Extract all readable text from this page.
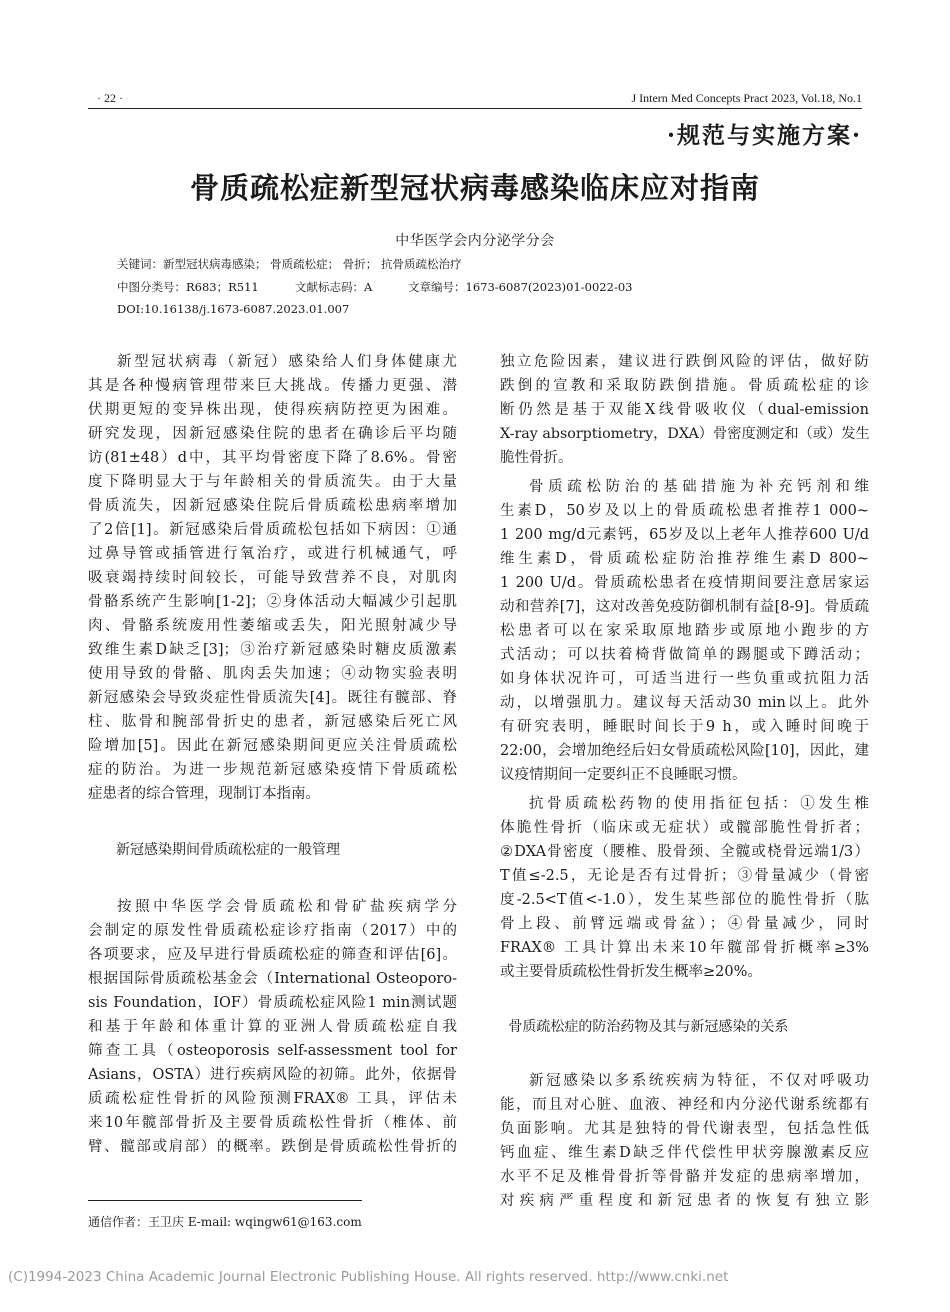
· 22 ·	J Intern Med Concepts Pract 2023, Vol.18, No.1
·规范与实施方案·
骨质疏松症新型冠状病毒感染临床应对指南
中华医学会内分泌学分会
关键词：新型冠状病毒感染； 骨质疏松症； 骨折； 抗骨质疏松治疗
中图分类号：R683；R511	文献标志码：A	文章编号：1673-6087(2023)01-0022-03
DOI:10.16138/j.1673-6087.2023.01.007
新型冠状病毒（新冠）感染给人们身体健康尤
其是各种慢病管理带来巨大挑战。传播力更强、潜
伏期更短的变异株出现，使得疾病防控更为困难。
研究发现，因新冠感染住院的患者在确诊后平均随
访(81±48）d中，其平均骨密度下降了8.6%。骨密
度下降明显大于与年龄相关的骨质流失。由于大量
骨质流失，因新冠感染住院后骨质疏松患病率增加
了2倍[1]。新冠感染后骨质疏松包括如下病因：①通
过鼻导管或插管进行氧治疗，或进行机械通气，呼
吸衰竭持续时间较长，可能导致营养不良，对肌肉
骨骼系统产生影响[1-2]；②身体活动大幅减少引起肌
肉、骨骼系统废用性萎缩或丢失，阳光照射减少导
致维生素D缺乏[3]；③治疗新冠感染时糖皮质激素
使用导致的骨骼、肌肉丢失加速；④动物实验表明
新冠感染会导致炎症性骨质流失[4]。既往有髋部、脊
柱、肱骨和腕部骨折史的患者，新冠感染后死亡风
险增加[5]。因此在新冠感染期间更应关注骨质疏松
症的防治。为进一步规范新冠感染疫情下骨质疏松
症患者的综合管理，现制订本指南。
新冠感染期间骨质疏松症的一般管理
按照中华医学会骨质疏松和骨矿盐疾病学分
会制定的原发性骨质疏松症诊疗指南（2017）中的
各项要求，应及早进行骨质疏松症的筛查和评估[6]。
根据国际骨质疏松基金会（International Osteoporo-
sis Foundation，IOF）骨质疏松症风险1 min测试题
和基于年龄和体重计算的亚洲人骨质疏松症自我
筛查工具（osteoporosis self-assessment tool for
Asians，OSTA）进行疾病风险的初筛。此外，依据骨
质疏松症性骨折的风险预测FRAX® 工具，评估未
来10年髋部骨折及主要骨质疏松性骨折（椎体、前
臂、髋部或肩部）的概率。跌倒是骨质疏松性骨折的
独立危险因素，建议进行跌倒风险的评估，做好防
跌倒的宣教和采取防跌倒措施。骨质疏松症的诊
断仍然是基于双能X线骨吸收仪（dual-emission
X-ray absorptiometry，DXA）骨密度测定和（或）发生
脆性骨折。
骨质疏松防治的基础措施为补充钙剂和维
生素D，50岁及以上的骨质疏松患者推荐1 000~
1 200 mg/d元素钙，65岁及以上老年人推荐600 U/d
维生素D，骨质疏松症防治推荐维生素D 800~
1 200 U/d。骨质疏松患者在疫情期间要注意居家运
动和营养[7]，这对改善免疫防御机制有益[8-9]。骨质疏
松患者可以在家采取原地踏步或原地小跑步的方
式活动；可以扶着椅背做简单的踢腿或下蹲活动；
如身体状况许可，可适当进行一些负重或抗阻力活
动，以增强肌力。建议每天活动30 min以上。此外
有研究表明，睡眠时间长于9 h，或入睡时间晚于
22:00，会增加绝经后妇女骨质疏松风险[10]，因此，建
议疫情期间一定要纠正不良睡眠习惯。
抗骨质疏松药物的使用指征包括：①发生椎
体脆性骨折（临床或无症状）或髋部脆性骨折者；
②DXA骨密度（腰椎、股骨颈、全髋或桡骨远端1/3）
T值≤-2.5，无论是否有过骨折；③骨量减少（骨密
度-2.5<T值<-1.0），发生某些部位的脆性骨折（肱
骨上段、前臂远端或骨盆）；④骨量减少，同时
FRAX® 工具计算出未来10年髋部骨折概率≥3%
或主要骨质疏松性骨折发生概率≥20%。
骨质疏松症的防治药物及其与新冠感染的关系
新冠感染以多系统疾病为特征，不仅对呼吸功
能，而且对心脏、血液、神经和内分泌代谢系统都有
负面影响。尤其是独特的骨代谢表型，包括急性低
钙血症、维生素D缺乏伴代偿性甲状旁腺激素反应
水平不足及椎骨骨折等骨骼并发症的患病率增加，
对疾病严重程度和新冠患者的恢复有独立影
通信作者：王卫庆 E-mail: wqingw61@163.com
(C)1994-2023 China Academic Journal Electronic Publishing House. All rights reserved. http://www.cnki.net
